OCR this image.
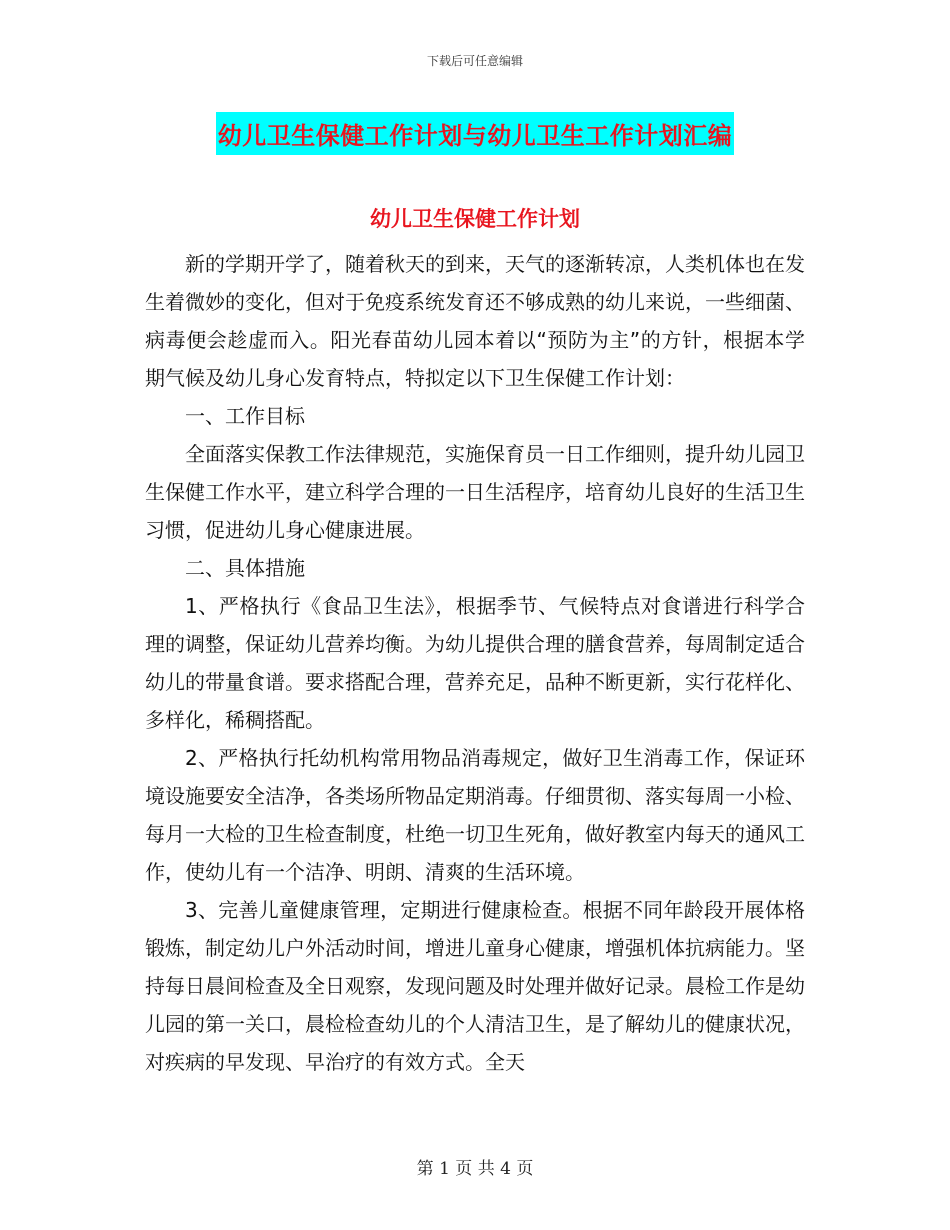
下载后可任意编辑
幼儿卫生保健工作计划与幼儿卫生工作计划汇编
幼儿卫生保健工作计划

新的学期开学了，随着秋天的到来，天气的逐渐转凉，人类机体也在发生着微妙的变化，但对于免疫系统发育还不够成熟的幼儿来说，一些细菌、病毒便会趁虚而入。阳光春苗幼儿园本着以“预防为主”的方针，根据本学期气候及幼儿身心发育特点，特拟定以下卫生保健工作计划：

一、工作目标

全面落实保教工作法律规范，实施保育员一日工作细则，提升幼儿园卫生保健工作水平，建立科学合理的一日生活程序，培育幼儿良好的生活卫生习惯，促进幼儿身心健康进展。

二、具体措施

1、严格执行《食品卫生法》，根据季节、气候特点对食谱进行科学合理的调整，保证幼儿营养均衡。为幼儿提供合理的膳食营养，每周制定适合幼儿的带量食谱。要求搭配合理，营养充足，品种不断更新，实行花样化、多样化，稀稠搭配。

2、严格执行托幼机构常用物品消毒规定，做好卫生消毒工作，保证环境设施要安全洁净，各类场所物品定期消毒。仔细贯彻、落实每周一小检、每月一大检的卫生检查制度，杜绝一切卫生死角，做好教室内每天的通风工作，使幼儿有一个洁净、明朗、清爽的生活环境。

3、完善儿童健康管理，定期进行健康检查。根据不同年龄段开展体格锻炼，制定幼儿户外活动时间，增进儿童身心健康，增强机体抗病能力。坚持每日晨间检查及全日观察，发现问题及时处理并做好记录。晨检工作是幼儿园的第一关口，晨检检查幼儿的个人清洁卫生，是了解幼儿的健康状况，对疾病的早发现、早治疗的有效方式。全天

第 1 页 共 4 页
